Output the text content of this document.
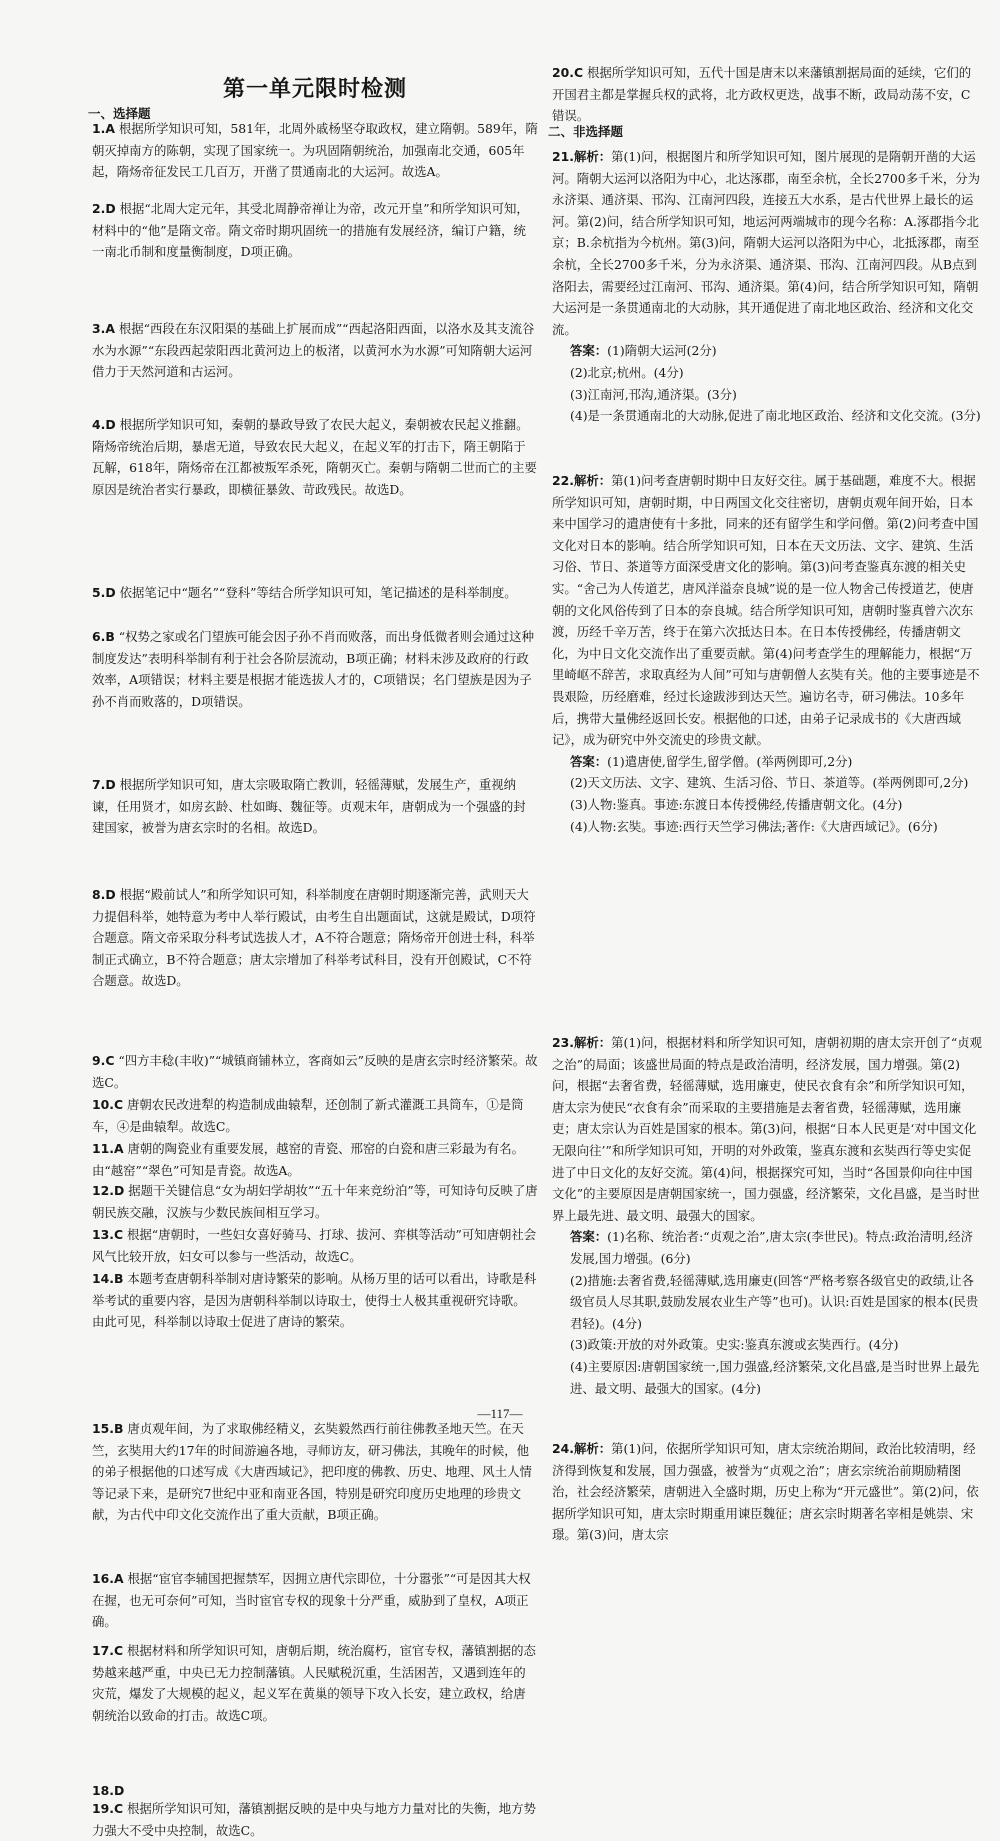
第一单元限时检测
一、选择题
1.A 根据所学知识可知，581年，北周外戚杨坚夺取政权，建立隋朝。589年，隋朝灭掉南方的陈朝，实现了国家统一。为巩固隋朝统治，加强南北交通，605年起，隋炀帝征发民工几百万，开凿了贯通南北的大运河。故选A。
2.D 根据“北周大定元年，其受北周静帝禅让为帝，改元开皇”和所学知识可知，材料中的“他”是隋文帝。隋文帝时期巩固统一的措施有发展经济，编订户籍，统一南北币制和度量衡制度，D项正确。
3.A 根据“西段在东汉阳渠的基础上扩展而成”“西起洛阳西面，以洛水及其支流谷水为水源”“东段西起荥阳西北黄河边上的板渚，以黄河水为水源”可知隋朝大运河借力于天然河道和古运河。
4.D 根据所学知识可知，秦朝的暴政导致了农民大起义，秦朝被农民起义推翻。隋炀帝统治后期，暴虐无道，导致农民大起义，在起义军的打击下，隋王朝陷于瓦解，618年，隋炀帝在江都被叛军杀死，隋朝灭亡。秦朝与隋朝二世而亡的主要原因是统治者实行暴政，即横征暴敛、苛政残民。故选D。
5.D 依据笔记中“题名”“登科”等结合所学知识可知，笔记描述的是科举制度。
6.B “权势之家或名门望族可能会因子孙不肖而败落，而出身低微者则会通过这种制度发达”表明科举制有利于社会各阶层流动，B项正确；材料未涉及政府的行政效率，A项错误；材料主要是根据才能选拔人才的，C项错误；名门望族是因为子孙不肖而败落的，D项错误。
7.D 根据所学知识可知，唐太宗吸取隋亡教训，轻徭薄赋，发展生产，重视纳谏，任用贤才，如房玄龄、杜如晦、魏征等。贞观末年，唐朝成为一个强盛的封建国家，被誉为唐玄宗时的名相。故选D。
8.D 根据“殿前试人”和所学知识可知，科举制度在唐朝时期逐渐完善，武则天大力提倡科举，她特意为考中人举行殿试，由考生自出题面试，这就是殿试，D项符合题意。隋文帝采取分科考试选拔人才，A不符合题意；隋炀帝开创进士科，科举制正式确立，B不符合题意；唐太宗增加了科举考试科目，没有开创殿试，C不符合题意。故选D。
9.C “四方丰稔(丰收)”“城镇商铺林立，客商如云”反映的是唐玄宗时经济繁荣。故选C。
10.C 唐朝农民改进犁的构造制成曲辕犁，还创制了新式灌溉工具筒车，①是筒车，④是曲辕犁。故选C。
11.A 唐朝的陶瓷业有重要发展，越窑的青瓷、邢窑的白瓷和唐三彩最为有名。由“越窑”“翠色”可知是青瓷。故选A。
12.D 据题干关键信息“女为胡妇学胡妆”“五十年来竞纷泊”等，可知诗句反映了唐朝民族交融，汉族与少数民族间相互学习。
13.C 根据“唐朝时，一些妇女喜好骑马、打球、拔河、弈棋等活动”可知唐朝社会风气比较开放，妇女可以参与一些活动，故选C。
14.B 本题考查唐朝科举制对唐诗繁荣的影响。从杨万里的话可以看出，诗歌是科举考试的重要内容，是因为唐朝科举制以诗取士，使得士人极其重视研究诗歌。由此可见，科举制以诗取士促进了唐诗的繁荣。
15.B 唐贞观年间，为了求取佛经精义，玄奘毅然西行前往佛教圣地天竺。在天竺，玄奘用大约17年的时间游遍各地，寻师访友，研习佛法，其晚年的时候，他的弟子根据他的口述写成《大唐西域记》，把印度的佛教、历史、地理、风土人情等记录下来，是研究7世纪中亚和南亚各国，特别是研究印度历史地理的珍贵文献，为古代中印文化交流作出了重大贡献，B项正确。
16.A 根据“宦官李辅国把握禁军，因拥立唐代宗即位，十分嚣张”“可是因其大权在握，也无可奈何”可知，当时宦官专权的现象十分严重，威胁到了皇权，A项正确。
17.C 根据材料和所学知识可知，唐朝后期，统治腐朽，宦官专权，藩镇割据的态势越来越严重，中央已无力控制藩镇。人民赋税沉重，生活困苦，又遇到连年的灾荒，爆发了大规模的起义，起义军在黄巢的领导下攻入长安，建立政权，给唐朝统治以致命的打击。故选C项。
18.D
19.C 根据所学知识可知，藩镇割据反映的是中央与地方力量对比的失衡，地方势力强大不受中央控制，故选C。
20.C 根据所学知识可知，五代十国是唐末以来藩镇割据局面的延续，它们的开国君主都是掌握兵权的武将，北方政权更迭，战事不断，政局动荡不安，C错误。
二、非选择题
21.解析：第(1)问，根据图片和所学知识可知，图片展现的是隋朝开凿的大运河。隋朝大运河以洛阳为中心，北达涿郡，南至余杭，全长2700多千米，分为永济渠、通济渠、邗沟、江南河四段，连接五大水系，是古代世界上最长的运河。第(2)问，结合所学知识可知，地运河两端城市的现今名称：A.涿郡指今北京；B.余杭指为今杭州。第(3)问，隋朝大运河以洛阳为中心，北抵涿郡，南至余杭，全长2700多千米，分为永济渠、通济渠、邗沟、江南河四段。从B点到洛阳去，需要经过江南河、邗沟、通济渠。第(4)问，结合所学知识可知，隋朝大运河是一条贯通南北的大动脉，其开通促进了南北地区政治、经济和文化交流。
答案：(1)隋朝大运河(2分)
(2)北京;杭州。(4分)
(3)江南河,邗沟,通济渠。(3分)
(4)是一条贯通南北的大动脉,促进了南北地区政治、经济和文化交流。(3分)
22.解析：第(1)问考查唐朝时期中日友好交往。属于基础题，难度不大。根据所学知识可知，唐朝时期，中日两国文化交往密切，唐朝贞观年间开始，日本来中国学习的遣唐使有十多批，同来的还有留学生和学问僧。第(2)问考查中国文化对日本的影响。结合所学知识可知，日本在天文历法、文字、建筑、生活习俗、节日、茶道等方面深受唐文化的影响。第(3)问考查鉴真东渡的相关史实。“舍己为人传道艺，唐风洋溢奈良城”说的是一位人物舍己传授道艺，使唐朝的文化风俗传到了日本的奈良城。结合所学知识可知，唐朝时鉴真曾六次东渡，历经千辛万苦，终于在第六次抵达日本。在日本传授佛经，传播唐朝文化，为中日文化交流作出了重要贡献。第(4)问考查学生的理解能力，根据“万里崎岖不辞苦，求取真经为人间”可知与唐朝僧人玄奘有关。他的主要事迹是不畏艰险，历经磨难，经过长途跋涉到达天竺。遍访名寺，研习佛法。10多年后，携带大量佛经返回长安。根据他的口述，由弟子记录成书的《大唐西域记》，成为研究中外交流史的珍贵文献。
答案：(1)遣唐使,留学生,留学僧。(举两例即可,2分)
(2)天文历法、文字、建筑、生活习俗、节日、茶道等。(举两例即可,2分)
(3)人物:鉴真。事迹:东渡日本传授佛经,传播唐朝文化。(4分)
(4)人物:玄奘。事迹:西行天竺学习佛法;著作:《大唐西域记》。(6分)
23.解析：第(1)问，根据材料和所学知识可知，唐朝初期的唐太宗开创了“贞观之治”的局面；该盛世局面的特点是政治清明，经济发展，国力增强。第(2)问，根据“去奢省费，轻徭薄赋，选用廉吏，使民衣食有余”和所学知识可知，唐太宗为使民“衣食有余”而采取的主要措施是去奢省费，轻徭薄赋，选用廉吏；唐太宗认为百姓是国家的根本。第(3)问，根据“日本人民更是‘对中国文化无限向往’”和所学知识可知，开明的对外政策，鉴真东渡和玄奘西行等史实促进了中日文化的友好交流。第(4)问，根据探究可知，当时“各国景仰向往中国文化”的主要原因是唐朝国家统一，国力强盛，经济繁荣，文化昌盛，是当时世界上最先进、最文明、最强大的国家。
答案：(1)名称、统治者:“贞观之治”,唐太宗(李世民)。特点:政治清明,经济发展,国力增强。(6分)
(2)措施:去奢省费,轻徭薄赋,选用廉吏(回答“严格考察各级官史的政绩,让各级官员人尽其职,鼓励发展农业生产等”也可)。认识:百姓是国家的根本(民贵君轻)。(4分)
(3)政策:开放的对外政策。史实:鉴真东渡或玄奘西行。(4分)
(4)主要原因:唐朝国家统一,国力强盛,经济繁荣,文化昌盛,是当时世界上最先进、最文明、最强大的国家。(4分)
24.解析：第(1)问，依据所学知识可知，唐太宗统治期间，政治比较清明，经济得到恢复和发展，国力强盛，被誉为“贞观之治”；唐玄宗统治前期励精图治，社会经济繁荣，唐朝进入全盛时期，历史上称为“开元盛世”。第(2)问，依据所学知识可知，唐太宗时期重用谏臣魏征；唐玄宗时期著名宰相是姚崇、宋璟。第(3)问，唐太宗
—117—
